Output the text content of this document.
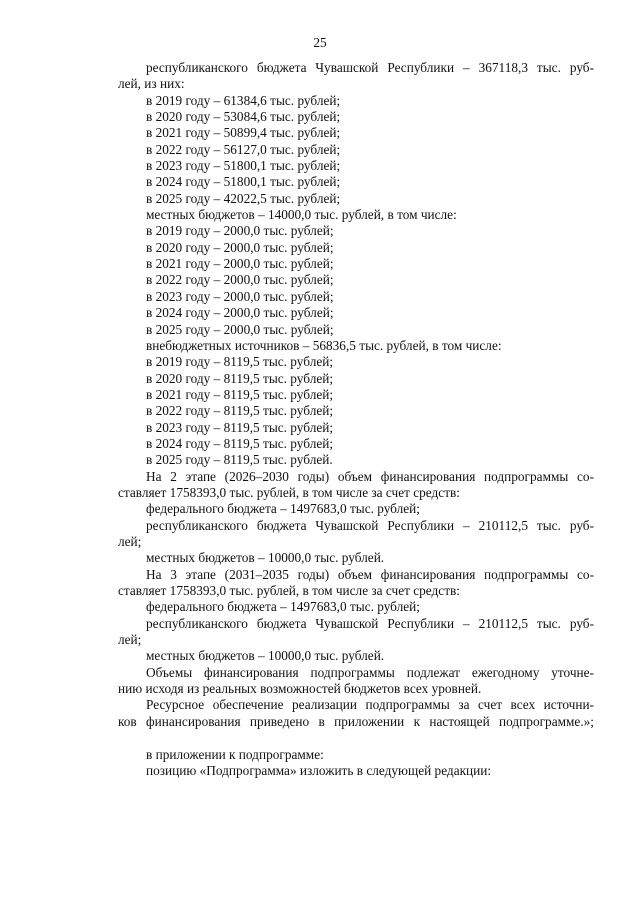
25
республиканского бюджета Чувашской Республики – 367118,3 тыс. руб-
лей, из них:
в 2019 году – 61384,6 тыс. рублей;
в 2020 году – 53084,6 тыс. рублей;
в 2021 году – 50899,4 тыс. рублей;
в 2022 году – 56127,0 тыс. рублей;
в 2023 году – 51800,1 тыс. рублей;
в 2024 году – 51800,1 тыс. рублей;
в 2025 году – 42022,5 тыс. рублей;
местных бюджетов – 14000,0 тыс. рублей, в том числе:
в 2019 году – 2000,0 тыс. рублей;
в 2020 году – 2000,0 тыс. рублей;
в 2021 году – 2000,0 тыс. рублей;
в 2022 году – 2000,0 тыс. рублей;
в 2023 году – 2000,0 тыс. рублей;
в 2024 году – 2000,0 тыс. рублей;
в 2025 году – 2000,0 тыс. рублей;
внебюджетных источников – 56836,5 тыс. рублей, в том числе:
в 2019 году – 8119,5 тыс. рублей;
в 2020 году – 8119,5 тыс. рублей;
в 2021 году – 8119,5 тыс. рублей;
в 2022 году – 8119,5 тыс. рублей;
в 2023 году – 8119,5 тыс. рублей;
в 2024 году – 8119,5 тыс. рублей;
в 2025 году – 8119,5 тыс. рублей.
На 2 этапе (2026–2030 годы) объем финансирования подпрограммы со-
ставляет 1758393,0 тыс. рублей, в том числе за счет средств:
федерального бюджета – 1497683,0 тыс. рублей;
республиканского бюджета Чувашской Республики – 210112,5 тыс. руб-
лей;
местных бюджетов – 10000,0 тыс. рублей.
На 3 этапе (2031–2035 годы) объем финансирования подпрограммы со-
ставляет 1758393,0 тыс. рублей, в том числе за счет средств:
федерального бюджета – 1497683,0 тыс. рублей;
республиканского бюджета Чувашской Республики – 210112,5 тыс. руб-
лей;
местных бюджетов – 10000,0 тыс. рублей.
Объемы финансирования подпрограммы подлежат ежегодному уточне-
нию исходя из реальных возможностей бюджетов всех уровней.
Ресурсное обеспечение реализации подпрограммы за счет всех источни-
ков финансирования приведено в приложении к настоящей подпрограмме.»;
в приложении к подпрограмме:
позицию «Подпрограмма» изложить в следующей редакции:
